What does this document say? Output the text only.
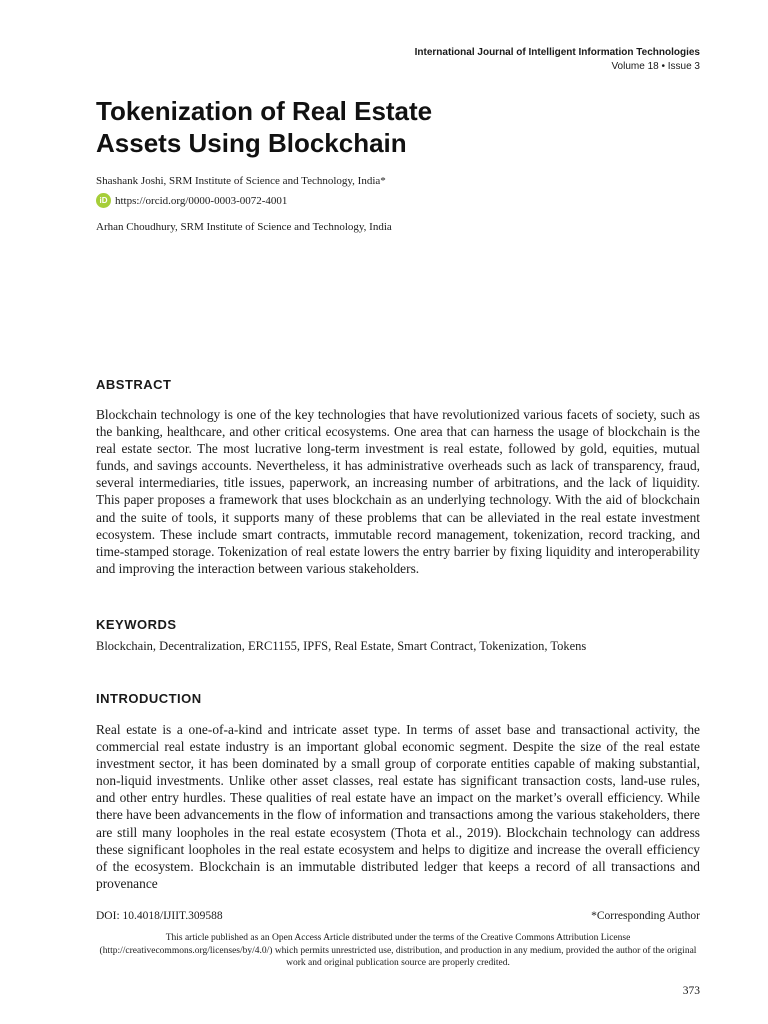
International Journal of Intelligent Information Technologies
Volume 18 • Issue 3
Tokenization of Real Estate
Assets Using Blockchain

Shashank Joshi, SRM Institute of Science and Technology, India*

iD https://orcid.org/0000-0003-0072-4001

Arhan Choudhury, SRM Institute of Science and Technology, India

ABSTRACT

Blockchain technology is one of the key technologies that have revolutionized various facets of society, such as the banking, healthcare, and other critical ecosystems. One area that can harness the usage of blockchain is the real estate sector. The most lucrative long-term investment is real estate, followed by gold, equities, mutual funds, and savings accounts. Nevertheless, it has administrative overheads such as lack of transparency, fraud, several intermediaries, title issues, paperwork, an increasing number of arbitrations, and the lack of liquidity. This paper proposes a framework that uses blockchain as an underlying technology. With the aid of blockchain and the suite of tools, it supports many of these problems that can be alleviated in the real estate investment ecosystem. These include smart contracts, immutable record management, tokenization, record tracking, and time-stamped storage. Tokenization of real estate lowers the entry barrier by fixing liquidity and interoperability and improving the interaction between various stakeholders.

KEYWORDS

Blockchain, Decentralization, ERC1155, IPFS, Real Estate, Smart Contract, Tokenization, Tokens

INTRODUCTION

Real estate is a one-of-a-kind and intricate asset type. In terms of asset base and transactional activity, the commercial real estate industry is an important global economic segment. Despite the size of the real estate investment sector, it has been dominated by a small group of corporate entities capable of making substantial, non-liquid investments. Unlike other asset classes, real estate has significant transaction costs, land-use rules, and other entry hurdles. These qualities of real estate have an impact on the market’s overall efficiency. While there have been advancements in the flow of information and transactions among the various stakeholders, there are still many loopholes in the real estate ecosystem (Thota et al., 2019). Blockchain technology can address these significant loopholes in the real estate ecosystem and helps to digitize and increase the overall efficiency of the ecosystem. Blockchain is an immutable distributed ledger that keeps a record of all transactions and provenance

DOI: 10.4018/IJIIT.309588	*Corresponding Author

This article published as an Open Access Article distributed under the terms of the Creative Commons Attribution License (http://creativecommons.org/licenses/by/4.0/) which permits unrestricted use, distribution, and production in any medium, provided the author of the original work and original publication source are properly credited.

373
